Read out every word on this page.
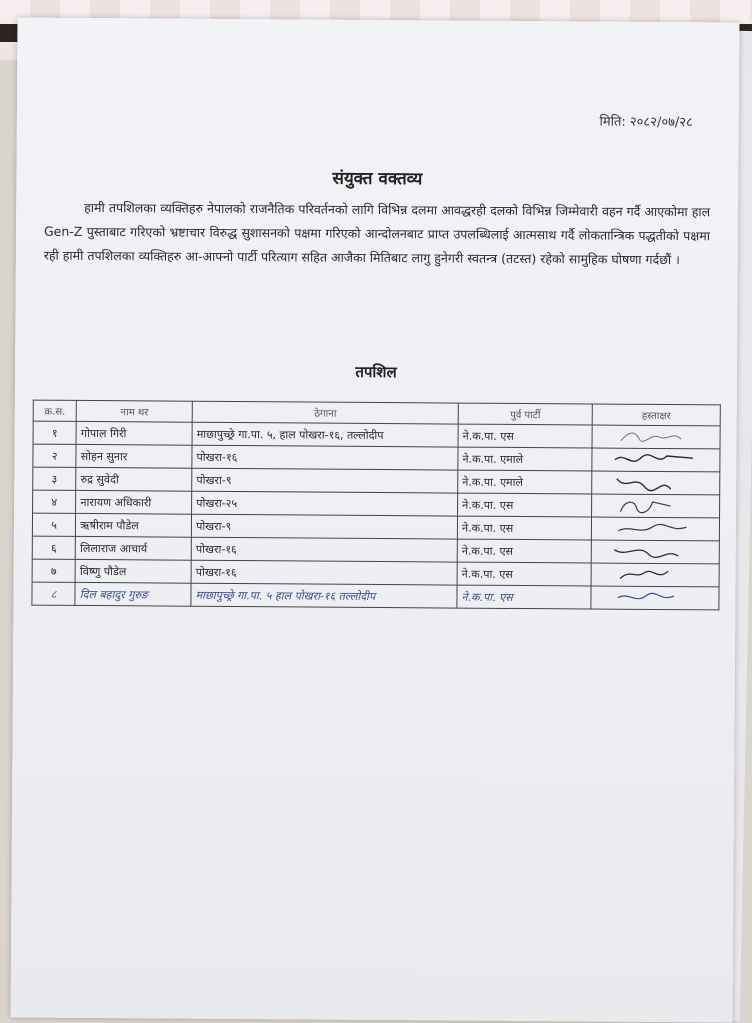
मिति: २०८२/०७/२८
संयुक्त वक्तव्य
हामी तपशिलका व्यक्तिहरु नेपालको राजनैतिक परिवर्तनको लागि विभिन्न दलमा आवद्धरही दलको विभिन्न जिम्मेवारी वहन गर्दै आएकोमा हाल Gen-Z पुस्ताबाट गरिएको भ्रष्टाचार विरुद्ध सुशासनको पक्षमा गरिएको आन्दोलनबाट प्राप्त उपलब्धिलाई आत्मसाथ गर्दै लोकतान्त्रिक पद्धतीको पक्षमा रही हामी तपशिलका व्यक्तिहरु आ-आफ्नो पार्टी परित्याग सहित आजैका मितिबाट लागु हुनेगरी स्वतन्त्र (तटस्त) रहेको सामुहिक घोषणा गर्दछौं ।
तपशिल
क्र.स.	नाम थर	ठेगाना	पुर्व पार्टी	हस्ताक्षर
१	गोपाल गिरी	माछापुच्छ्रे गा.पा. ५, हाल पोखरा-१६, तल्लोदीप	ने.क.पा. एस	

२	सोहन सुनार	पोखरा-१६	ने.क.पा. एमाले	

३	रुद्र सुवेदी	पोखरा-९	ने.क.पा. एमाले	

४	नारायण अधिकारी	पोखरा-२५	ने.क.पा. एस	

५	ऋषीराम पौडेल	पोखरा-९	ने.क.पा. एस	

६	लिलाराज आचार्य	पोखरा-१६	ने.क.पा. एस	

७	विष्णु पौडेल	पोखरा-१६	ने.क.पा. एस	

८	दिल बहादुर गुरुङ	माछापुच्छ्रे गा.पा. ५ हाल पोखरा-१६ तल्लोदीप	ने.क.पा. एस	
